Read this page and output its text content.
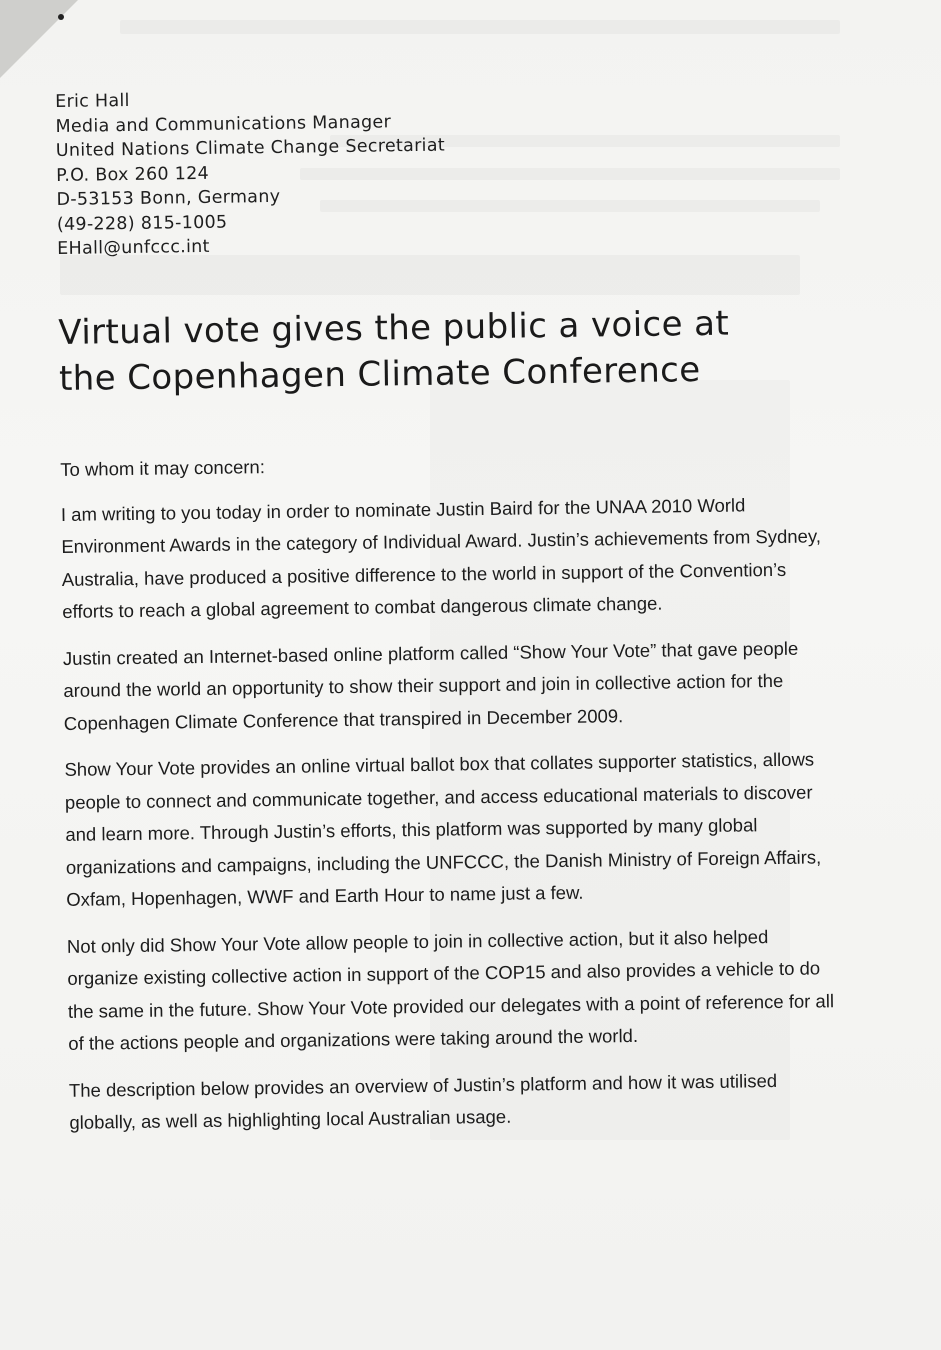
Eric Hall
Media and Communications Manager
United Nations Climate Change Secretariat
P.O. Box 260 124
D-53153 Bonn, Germany
(49-228) 815-1005
EHall@unfccc.int
Virtual vote gives the public a voice at
the Copenhagen Climate Conference

To whom it may concern:

I am writing to you today in order to nominate Justin Baird for the UNAA 2010 World
Environment Awards in the category of Individual Award. Justin’s achievements from Sydney,
Australia, have produced a positive difference to the world in support of the Convention’s
efforts to reach a global agreement to combat dangerous climate change.

Justin created an Internet-based online platform called “Show Your Vote” that gave people
around the world an opportunity to show their support and join in collective action for the
Copenhagen Climate Conference that transpired in December 2009.

Show Your Vote provides an online virtual ballot box that collates supporter statistics, allows
people to connect and communicate together, and access educational materials to discover
and learn more. Through Justin’s efforts, this platform was supported by many global
organizations and campaigns, including the UNFCCC, the Danish Ministry of Foreign Affairs,
Oxfam, Hopenhagen, WWF and Earth Hour to name just a few.

Not only did Show Your Vote allow people to join in collective action, but it also helped
organize existing collective action in support of the COP15 and also provides a vehicle to do
the same in the future. Show Your Vote provided our delegates with a point of reference for all
of the actions people and organizations were taking around the world.

The description below provides an overview of Justin’s platform and how it was utilised
globally, as well as highlighting local Australian usage.
